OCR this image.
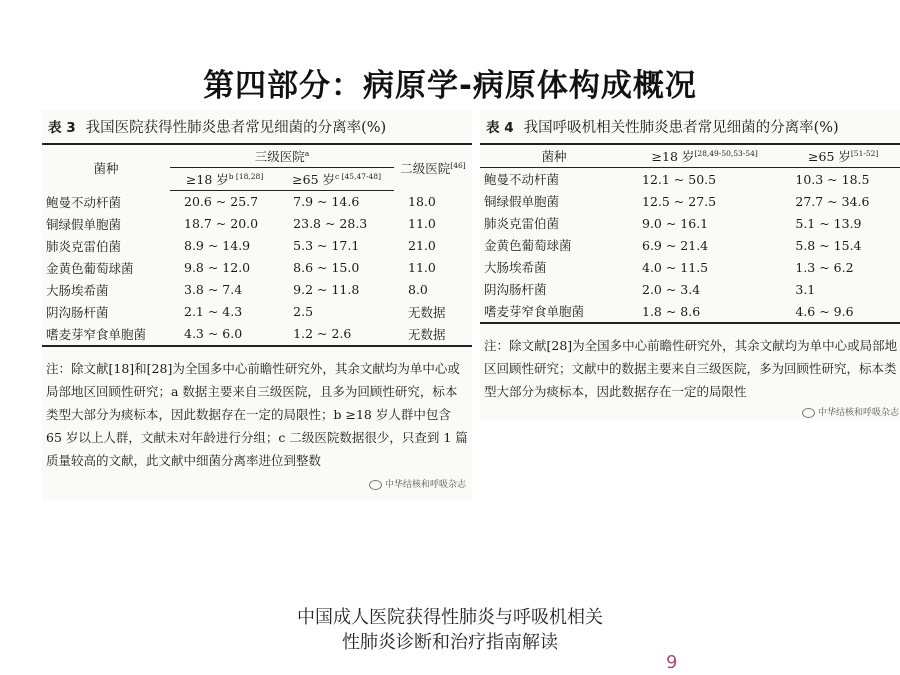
第四部分：病原学-病原体构成概况
表 3 我国医院获得性肺炎患者常见细菌的分离率(%)
菌种	三级医院$^a$		二级医院[46]
	≥18 岁$^{b [18,28]}$	≥65 岁$^{c [45,47-48]}$
鲍曼不动杆菌	20.6 ~ 25.7	7.9 ~ 14.6	18.0
铜绿假单胞菌	18.7 ~ 20.0	23.8 ~ 28.3	11.0
肺炎克雷伯菌	8.9 ~ 14.9	5.3 ~ 17.1	21.0
金黄色葡萄球菌	9.8 ~ 12.0	8.6 ~ 15.0	11.0
大肠埃希菌	3.8 ~ 7.4	9.2 ~ 11.8	8.0
阴沟肠杆菌	2.1 ~ 4.3	2.5	无数据
嗜麦芽窄食单胞菌	4.3 ~ 6.0	1.2 ~ 2.6	无数据
注：除文献[18]和[28]为全国多中心前瞻性研究外，其余文献均为单中心或局部地区回顾性研究；a 数据主要来自三级医院，且多为回顾性研究，标本类型大部分为痰标本，因此数据存在一定的局限性；b ≥18 岁人群中包含 65 岁以上人群，文献未对年龄进行分组；c 二级医院数据很少，只查到 1 篇质量较高的文献，此文献中细菌分离率进位到整数
中华结核和呼吸杂志
表 4 我国呼吸机相关性肺炎患者常见细菌的分离率(%)
菌种	≥18 岁[28,49-50,53-54]	≥65 岁[51-52]
鲍曼不动杆菌	12.1 ~ 50.5	10.3 ~ 18.5
铜绿假单胞菌	12.5 ~ 27.5	27.7 ~ 34.6
肺炎克雷伯菌	9.0 ~ 16.1	5.1 ~ 13.9
金黄色葡萄球菌	6.9 ~ 21.4	5.8 ~ 15.4
大肠埃希菌	4.0 ~ 11.5	1.3 ~ 6.2
阴沟肠杆菌	2.0 ~ 3.4	3.1
嗜麦芽窄食单胞菌	1.8 ~ 8.6	4.6 ~ 9.6
注：除文献[28]为全国多中心前瞻性研究外，其余文献均为单中心或局部地区回顾性研究；文献中的数据主要来自三级医院，多为回顾性研究，标本类型大部分为痰标本，因此数据存在一定的局限性
中华结核和呼吸杂志
中国成人医院获得性肺炎与呼吸机相关性肺炎诊断和治疗指南解读
9
